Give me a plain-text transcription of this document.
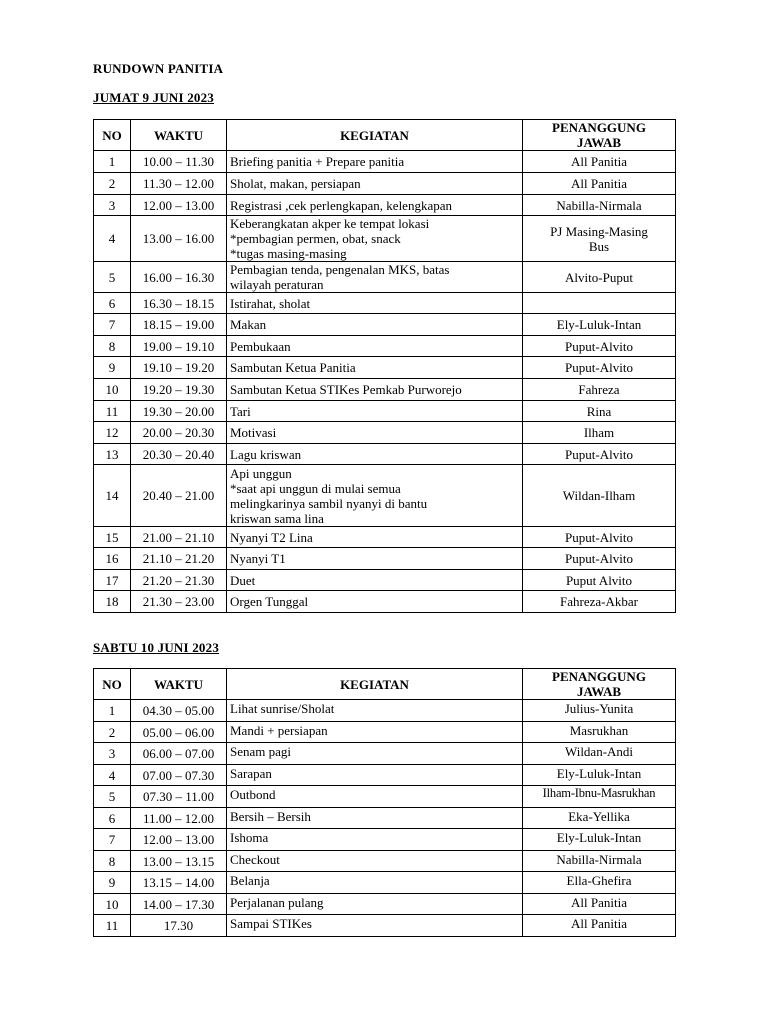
RUNDOWN PANITIA
JUMAT 9 JUNI 2023
NO	WAKTU	KEGIATAN	PENANGGUNG
JAWAB
1	10.00 – 11.30	Briefing panitia + Prepare panitia	All Panitia
2	11.30 – 12.00	Sholat, makan, persiapan	All Panitia
3	12.00 – 13.00	Registrasi ,cek perlengkapan, kelengkapan	Nabilla-Nirmala
4	13.00 – 16.00	Keberangkatan akper ke tempat lokasi
*pembagian permen, obat, snack
*tugas masing-masing	PJ Masing-Masing
Bus
5	16.00 – 16.30	Pembagian tenda, pengenalan MKS, batas
wilayah peraturan	Alvito-Puput
6	16.30 – 18.15	Istirahat, sholat	
7	18.15 – 19.00	Makan	Ely-Luluk-Intan
8	19.00 – 19.10	Pembukaan	Puput-Alvito
9	19.10 – 19.20	Sambutan Ketua Panitia	Puput-Alvito
10	19.20 – 19.30	Sambutan Ketua STIKes Pemkab Purworejo	Fahreza
11	19.30 – 20.00	Tari	Rina
12	20.00 – 20.30	Motivasi	Ilham
13	20.30 – 20.40	Lagu kriswan	Puput-Alvito
14	20.40 – 21.00	Api unggun
*saat api unggun di mulai semua
melingkarinya sambil nyanyi di bantu
kriswan sama lina	Wildan-Ilham
15	21.00 – 21.10	Nyanyi T2 Lina	Puput-Alvito
16	21.10 – 21.20	Nyanyi T1	Puput-Alvito
17	21.20 – 21.30	Duet	Puput Alvito
18	21.30 – 23.00	Orgen Tunggal	Fahreza-Akbar
SABTU 10 JUNI 2023
NO	WAKTU	KEGIATAN	PENANGGUNG
JAWAB
1	04.30 – 05.00	Lihat sunrise/Sholat	Julius-Yunita
2	05.00 – 06.00	Mandi + persiapan	Masrukhan
3	06.00 – 07.00	Senam pagi	Wildan-Andi
4	07.00 – 07.30	Sarapan	Ely-Luluk-Intan
5	07.30 – 11.00	Outbond	Ilham-Ibnu-Masrukhan
6	11.00 – 12.00	Bersih – Bersih	Eka-Yellika
7	12.00 – 13.00	Ishoma	Ely-Luluk-Intan
8	13.00 – 13.15	Checkout	Nabilla-Nirmala
9	13.15 – 14.00	Belanja	Ella-Ghefira
10	14.00 – 17.30	Perjalanan pulang	All Panitia
11	17.30	Sampai STIKes	All Panitia
